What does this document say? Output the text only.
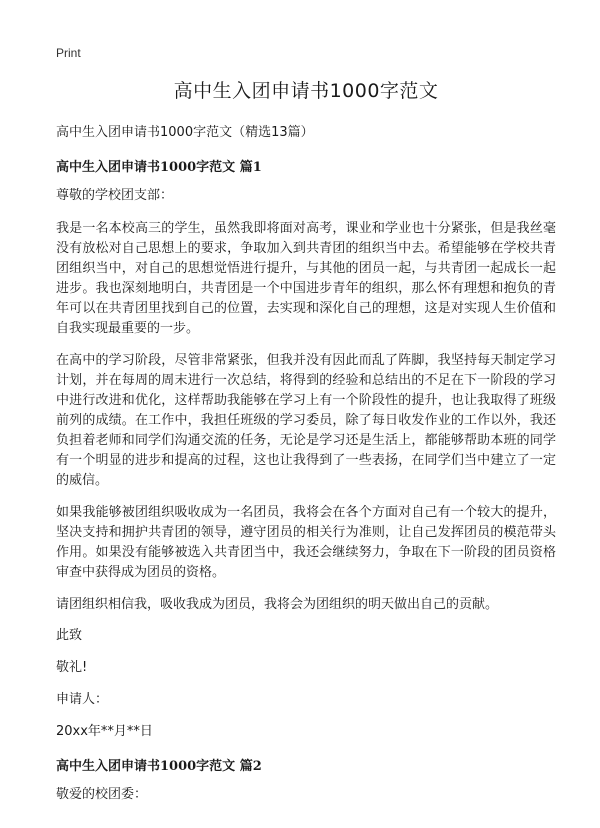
Print
高中生入团申请书1000字范文
高中生入团申请书1000字范文（精选13篇）
高中生入团申请书1000字范文 篇1
尊敬的学校团支部：

我是一名本校高三的学生，虽然我即将面对高考，课业和学业也十分紧张，但是我丝毫没有放松对自己思想上的要求，争取加入到共青团的组织当中去。希望能够在学校共青团组织当中，对自己的思想觉悟进行提升，与其他的团员一起，与共青团一起成长一起进步。我也深刻地明白，共青团是一个中国进步青年的组织，那么怀有理想和抱负的青年可以在共青团里找到自己的位置，去实现和深化自己的理想，这是对实现人生价值和自我实现最重要的一步。

在高中的学习阶段，尽管非常紧张，但我并没有因此而乱了阵脚，我坚持每天制定学习计划，并在每周的周末进行一次总结，将得到的经验和总结出的不足在下一阶段的学习中进行改进和优化，这样帮助我能够在学习上有一个阶段性的提升，也让我取得了班级前列的成绩。在工作中，我担任班级的学习委员，除了每日收发作业的工作以外，我还负担着老师和同学们沟通交流的任务，无论是学习还是生活上，都能够帮助本班的同学有一个明显的进步和提高的过程，这也让我得到了一些表扬，在同学们当中建立了一定的威信。

如果我能够被团组织吸收成为一名团员，我将会在各个方面对自己有一个较大的提升，坚决支持和拥护共青团的领导，遵守团员的相关行为准则，让自己发挥团员的模范带头作用。如果没有能够被选入共青团当中，我还会继续努力，争取在下一阶段的团员资格审查中获得成为团员的资格。

请团组织相信我，吸收我成为团员，我将会为团组织的明天做出自己的贡献。

此致
敬礼!
申请人：
20xx年**月**日
高中生入团申请书1000字范文 篇2
敬爱的校团委：
